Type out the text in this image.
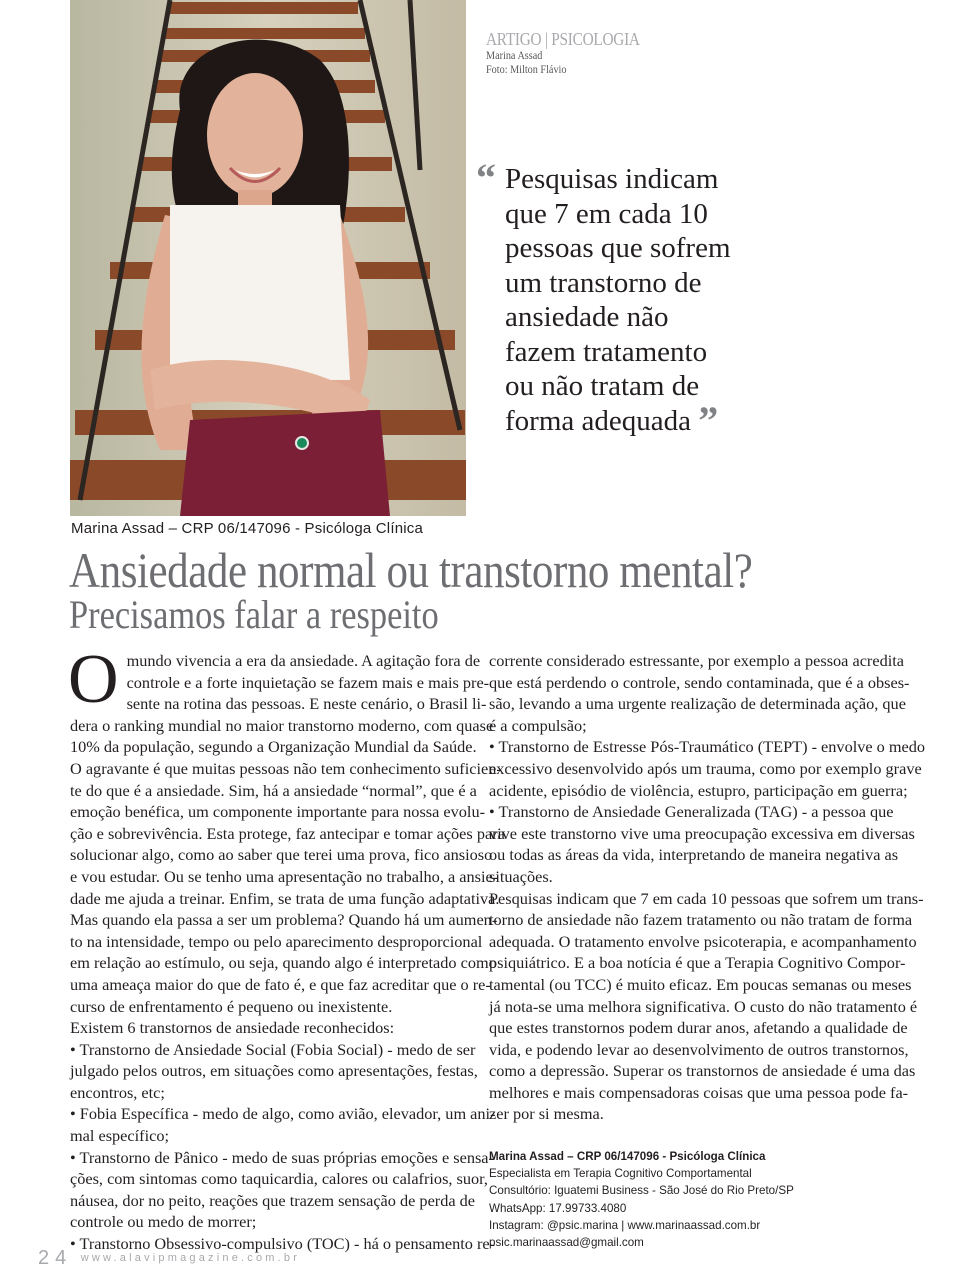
Marina Assad – CRP 06/147096 - Psicóloga Clínica
ARTIGO | PSICOLOGIA
Marina Assad
Foto: Milton Flávio
“ Pesquisas indicam
que 7 em cada 10
pessoas que sofrem
um transtorno de
ansiedade não
fazem tratamento
ou não tratam de
forma adequada ”
Ansiedade normal ou transtorno mental?
Precisamos falar a respeito
O mundo vivencia a era da ansiedade. A agitação fora de
controle e a forte inquietação se fazem mais e mais pre-
sente na rotina das pessoas. E neste cenário, o Brasil li-
dera o ranking mundial no maior transtorno moderno, com quase
10% da população, segundo a Organização Mundial da Saúde.
O agravante é que muitas pessoas não tem conhecimento suficien-
te do que é a ansiedade. Sim, há a ansiedade “normal”, que é a
emoção benéfica, um componente importante para nossa evolu-
ção e sobrevivência. Esta protege, faz antecipar e tomar ações para
solucionar algo, como ao saber que terei uma prova, fico ansioso
e vou estudar. Ou se tenho uma apresentação no trabalho, a ansie-
dade me ajuda a treinar. Enfim, se trata de uma função adaptativa.
Mas quando ela passa a ser um problema? Quando há um aumen-
to na intensidade, tempo ou pelo aparecimento desproporcional
em relação ao estímulo, ou seja, quando algo é interpretado como
uma ameaça maior do que de fato é, e que faz acreditar que o re-
curso de enfrentamento é pequeno ou inexistente.
Existem 6 transtornos de ansiedade reconhecidos:
• Transtorno de Ansiedade Social (Fobia Social) - medo de ser
julgado pelos outros, em situações como apresentações, festas,
encontros, etc;
• Fobia Específica - medo de algo, como avião, elevador, um ani-
mal específico;
• Transtorno de Pânico - medo de suas próprias emoções e sensa-
ções, com sintomas como taquicardia, calores ou calafrios, suor,
náusea, dor no peito, reações que trazem sensação de perda de
controle ou medo de morrer;
• Transtorno Obsessivo-compulsivo (TOC) - há o pensamento re-
corrente considerado estressante, por exemplo a pessoa acredita
que está perdendo o controle, sendo contaminada, que é a obses-
são, levando a uma urgente realização de determinada ação, que
é a compulsão;
• Transtorno de Estresse Pós-Traumático (TEPT) - envolve o medo
excessivo desenvolvido após um trauma, como por exemplo grave
acidente, episódio de violência, estupro, participação em guerra;
• Transtorno de Ansiedade Generalizada (TAG) - a pessoa que
vive este transtorno vive uma preocupação excessiva em diversas
ou todas as áreas da vida, interpretando de maneira negativa as
situações.
Pesquisas indicam que 7 em cada 10 pessoas que sofrem um trans-
torno de ansiedade não fazem tratamento ou não tratam de forma
adequada. O tratamento envolve psicoterapia, e acompanhamento
psiquiátrico. E a boa notícia é que a Terapia Cognitivo Compor-
tamental (ou TCC) é muito eficaz. Em poucas semanas ou meses
já nota-se uma melhora significativa. O custo do não tratamento é
que estes transtornos podem durar anos, afetando a qualidade de
vida, e podendo levar ao desenvolvimento de outros transtornos,
como a depressão. Superar os transtornos de ansiedade é uma das
melhores e mais compensadoras coisas que uma pessoa pode fa-
zer por si mesma.
Marina Assad – CRP 06/147096 - Psicóloga Clínica
Especialista em Terapia Cognitivo Comportamental
Consultório: Iguatemi Business - São José do Rio Preto/SP
WhatsApp: 17.99733.4080
Instagram: @psic.marina | www.marinaassad.com.br
psic.marinaassad@gmail.com
24 www.alavipmagazine.com.br
